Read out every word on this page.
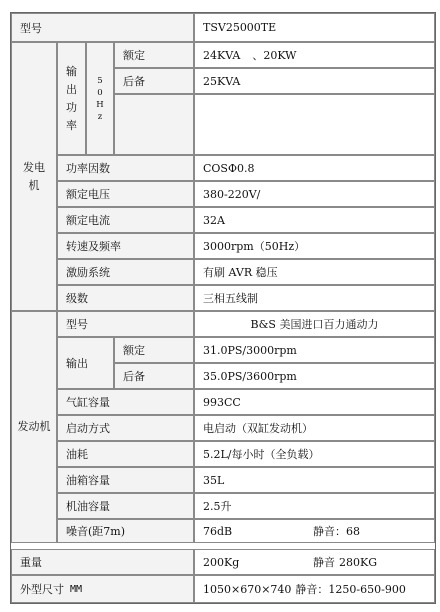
型号	TSV25000TE
发电机
输出功率
50Hz
额定	24KVA 、20KW
后备	25KVA
功率因数	COSΦ0.8
额定电压	380-220V/
额定电流	32A
转速及频率	3000rpm（50Hz）
激励系统	有刷 AVR 稳压
级数	三相五线制
发动机
型号	B&S 美国进口百力通动力
输出
额定	31.0PS/3000rpm
后备	35.0PS/3600rpm
气缸容量	993CC
启动方式	电启动（双缸发动机）
油耗	5.2L/每小时（全负载）
油箱容量	35L
机油容量	2.5升
噪音(距7m)	76dB	静音： 68
重量	200Kg	静音 280KG
外型尺寸 MM	1050×670×740 静音： 1250-650-900
